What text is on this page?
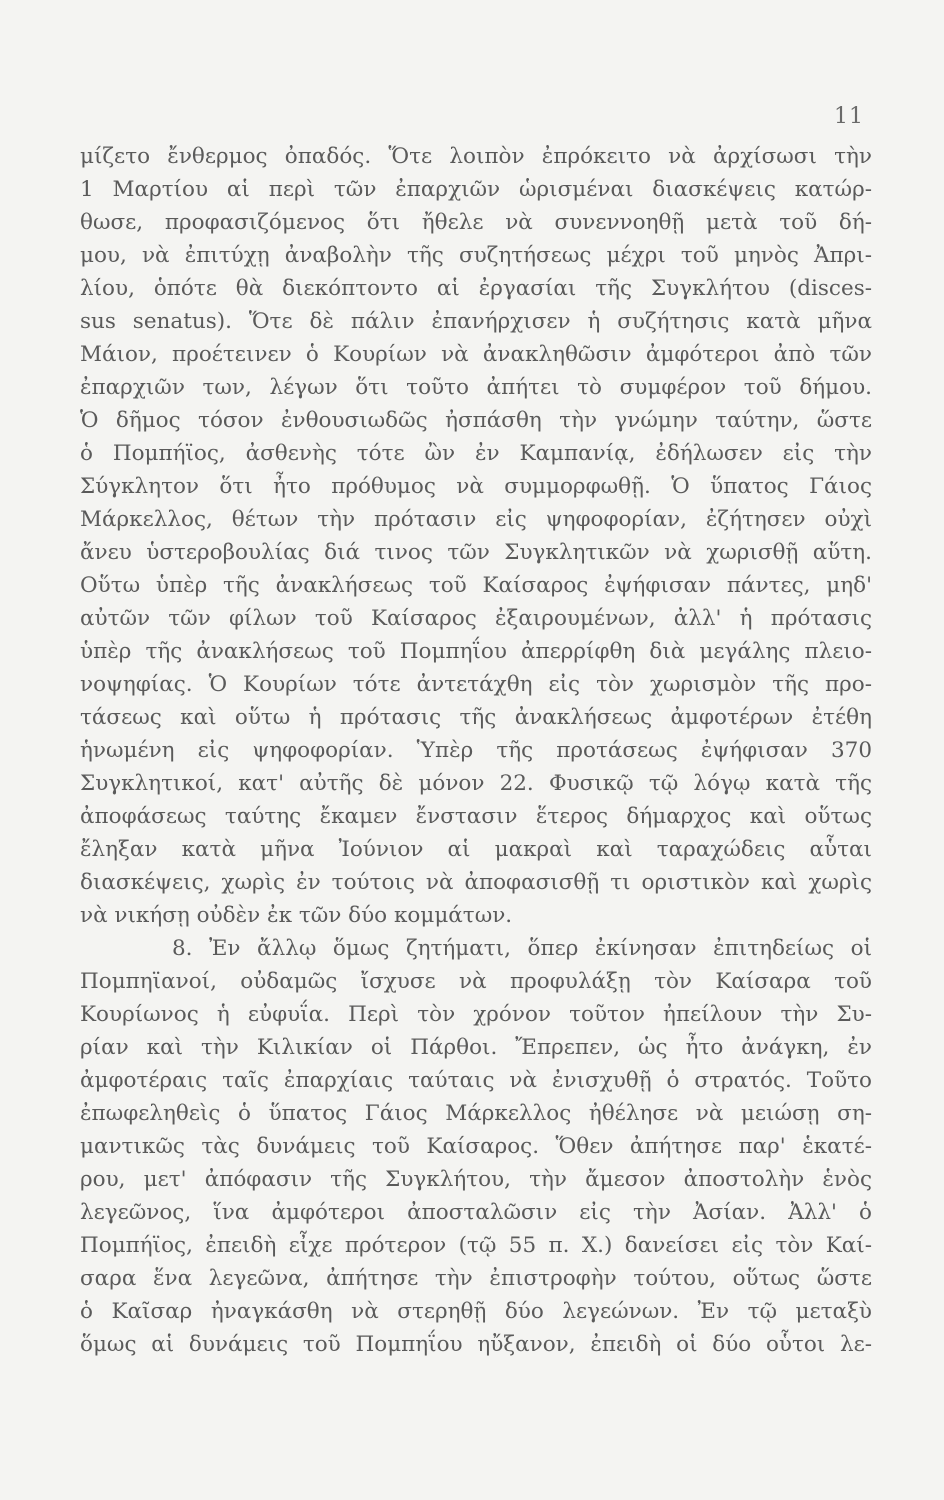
11
μίζετο ἔνθερμος ὀπαδός. Ὅτε λοιπὸν ἐπρόκειτο νὰ ἀρχίσωσι τὴν
1 Μαρτίου αἱ περὶ τῶν ἐπαρχιῶν ὡρισμέναι διασκέψεις κατώρ-
θωσε, προφασιζόμενος ὅτι ἤθελε νὰ συνεννοηθῇ μετὰ τοῦ δή-
μου, νὰ ἐπιτύχῃ ἀναβολὴν τῆς συζητήσεως μέχρι τοῦ μηνὸς Ἀπρι-
λίου, ὁπότε θὰ διεκόπτοντο αἱ ἐργασίαι τῆς Συγκλήτου (disces-
sus senatus). Ὅτε δὲ πάλιν ἐπανήρχισεν ἡ συζήτησις κατὰ μῆνα
Μάιον, προέτεινεν ὁ Κουρίων νὰ ἀνακληθῶσιν ἀμφότεροι ἀπὸ τῶν
ἐπαρχιῶν των, λέγων ὅτι τοῦτο ἀπήτει τὸ συμφέρον τοῦ δήμου.
Ὁ δῆμος τόσον ἐνθουσιωδῶς ἠσπάσθη τὴν γνώμην ταύτην, ὥστε
ὁ Πομπήϊος, ἀσθενὴς τότε ὢν ἐν Καμπανίᾳ, ἐδήλωσεν εἰς τὴν
Σύγκλητον ὅτι ἦτο πρόθυμος νὰ συμμορφωθῇ. Ὁ ὕπατος Γάιος
Μάρκελλος, θέτων τὴν πρότασιν εἰς ψηφοφορίαν, ἐζήτησεν οὐχὶ
ἄνευ ὑστεροβουλίας διά τινος τῶν Συγκλητικῶν νὰ χωρισθῇ αὕτη.
Οὕτω ὑπὲρ τῆς ἀνακλήσεως τοῦ Καίσαρος ἐψήφισαν πάντες, μηδ'
αὐτῶν τῶν φίλων τοῦ Καίσαρος ἐξαιρουμένων, ἀλλ' ἡ πρότασις
ὑπὲρ τῆς ἀνακλήσεως τοῦ Πομπηΐου ἀπερρίφθη διὰ μεγάλης πλειο-
νοψηφίας. Ὁ Κουρίων τότε ἀντετάχθη εἰς τὸν χωρισμὸν τῆς προ-
τάσεως καὶ οὕτω ἡ πρότασις τῆς ἀνακλήσεως ἀμφοτέρων ἐτέθη
ἡνωμένη εἰς ψηφοφορίαν. Ὑπὲρ τῆς προτάσεως ἐψήφισαν 370
Συγκλητικοί, κατ' αὐτῆς δὲ μόνον 22. Φυσικῷ τῷ λόγῳ κατὰ τῆς
ἀποφάσεως ταύτης ἔκαμεν ἔνστασιν ἕτερος δήμαρχος καὶ οὕτως
ἔληξαν κατὰ μῆνα Ἰούνιον αἱ μακραὶ καὶ ταραχώδεις αὗται
διασκέψεις, χωρὶς ἐν τούτοις νὰ ἀποφασισθῇ τι οριστικὸν καὶ χωρὶς
νὰ νικήσῃ οὐδὲν ἐκ τῶν δύο κομμάτων.
8. Ἐν ἄλλῳ ὅμως ζητήματι, ὅπερ ἐκίνησαν ἐπιτηδείως οἱ
Πομπηϊανοί, οὐδαμῶς ἴσχυσε νὰ προφυλάξῃ τὸν Καίσαρα τοῦ
Κουρίωνος ἡ εὐφυΐα. Περὶ τὸν χρόνον τοῦτον ἠπείλουν τὴν Συ-
ρίαν καὶ τὴν Κιλικίαν οἱ Πάρθοι. Ἔπρεπεν, ὡς ἦτο ἀνάγκη, ἐν
ἀμφοτέραις ταῖς ἐπαρχίαις ταύταις νὰ ἐνισχυθῇ ὁ στρατός. Τοῦτο
ἐπωφεληθεὶς ὁ ὕπατος Γάιος Μάρκελλος ἠθέλησε νὰ μειώσῃ ση-
μαντικῶς τὰς δυνάμεις τοῦ Καίσαρος. Ὅθεν ἀπήτησε παρ' ἑκατέ-
ρου, μετ' ἀπόφασιν τῆς Συγκλήτου, τὴν ἄμεσον ἀποστολὴν ἑνὸς
λεγεῶνος, ἵνα ἀμφότεροι ἀποσταλῶσιν εἰς τὴν Ἀσίαν. Ἀλλ' ὁ
Πομπήϊος, ἐπειδὴ εἶχε πρότερον (τῷ 55 π. Χ.) δανείσει εἰς τὸν Καί-
σαρα ἕνα λεγεῶνα, ἀπήτησε τὴν ἐπιστροφὴν τούτου, οὕτως ὥστε
ὁ Καῖσαρ ἠναγκάσθη νὰ στερηθῇ δύο λεγεώνων. Ἐν τῷ μεταξὺ
ὅμως αἱ δυνάμεις τοῦ Πομπηΐου ηὔξανον, ἐπειδὴ οἱ δύο οὗτοι λε-
